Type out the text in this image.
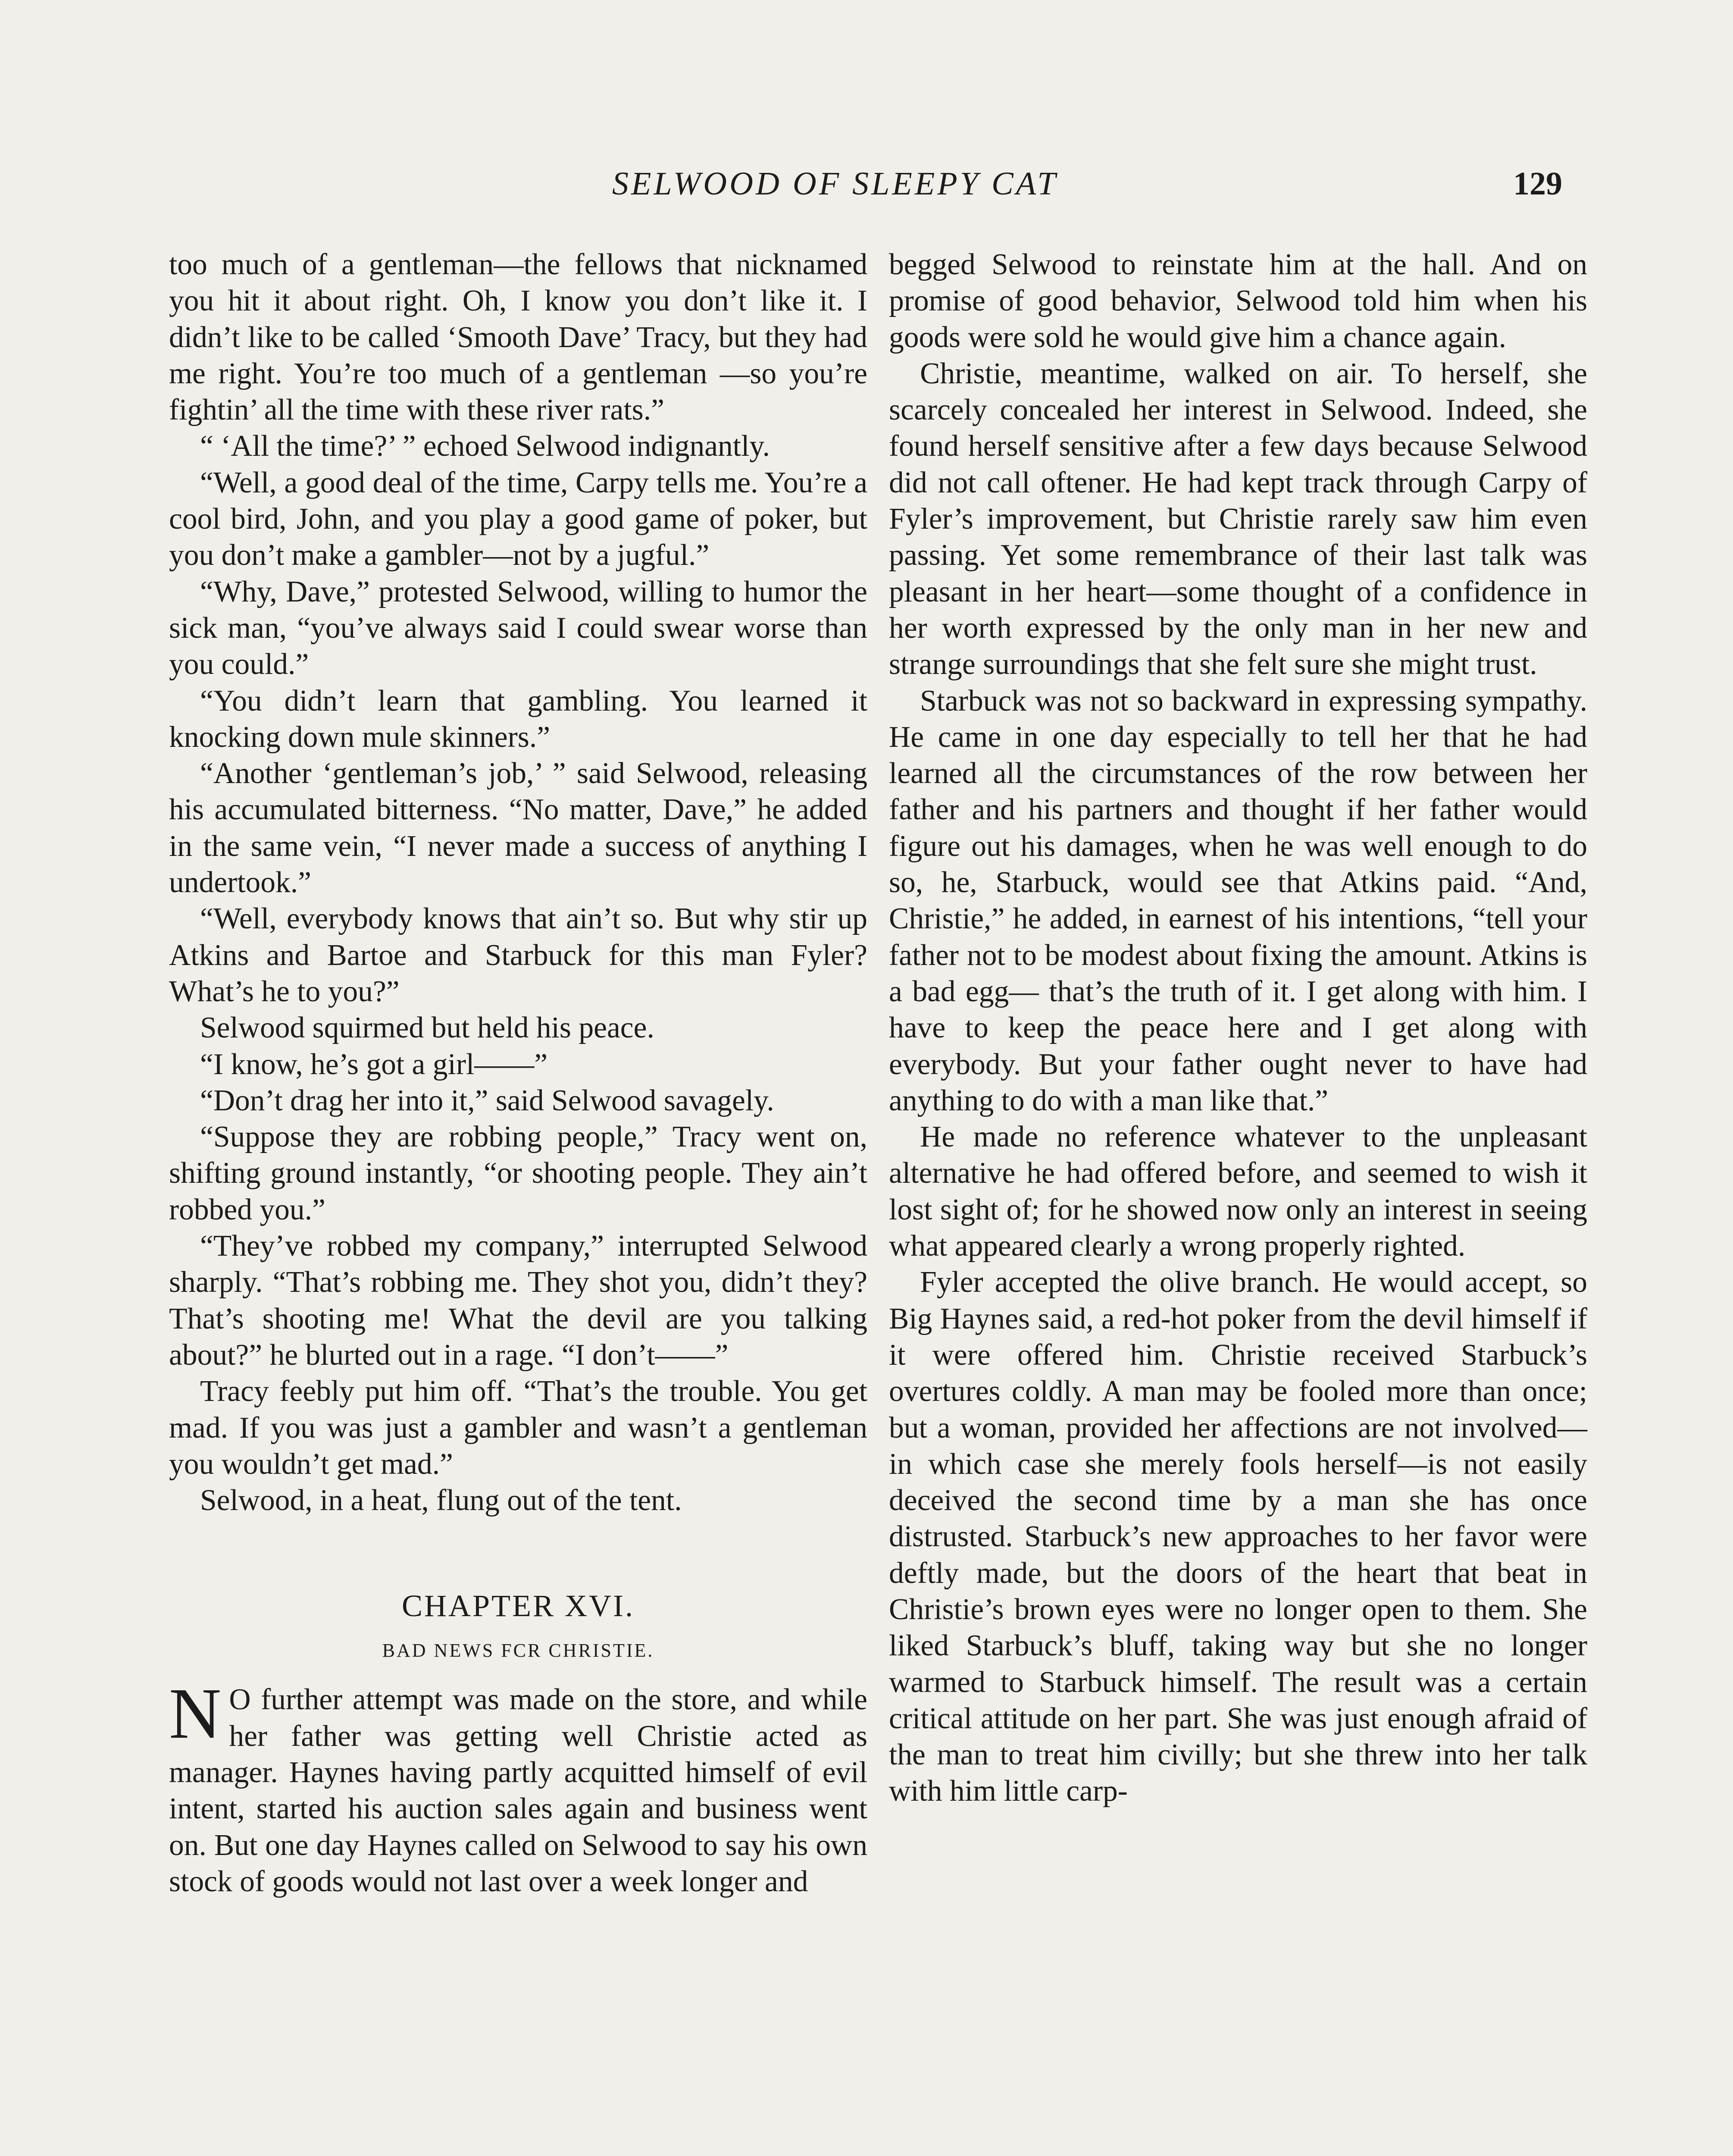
SELWOOD OF SLEEPY CAT	129

too much of a gentleman—the fellows that nicknamed you hit it about right. Oh, I know you don’t like it. I didn’t like to be called ‘Smooth Dave’ Tracy, but they had me right. You’re too much of a gentleman —so you’re fightin’ all the time with these river rats.”

“ ‘All the time?’ ” echoed Selwood indignantly.

“Well, a good deal of the time, Carpy tells me. You’re a cool bird, John, and you play a good game of poker, but you don’t make a gambler—not by a jugful.”

“Why, Dave,” protested Selwood, willing to humor the sick man, “you’ve always said I could swear worse than you could.”

“You didn’t learn that gambling. You learned it knocking down mule skinners.”

“Another ‘gentleman’s job,’ ” said Selwood, releasing his accumulated bitterness. “No matter, Dave,” he added in the same vein, “I never made a success of anything I undertook.”

“Well, everybody knows that ain’t so. But why stir up Atkins and Bartoe and Starbuck for this man Fyler? What’s he to you?”

Selwood squirmed but held his peace.

“I know, he’s got a girl——”

“Don’t drag her into it,” said Selwood savagely.

“Suppose they are robbing people,” Tracy went on, shifting ground instantly, “or shooting people. They ain’t robbed you.”

“They’ve robbed my company,” interrupted Selwood sharply. “That’s robbing me. They shot you, didn’t they? That’s shooting me! What the devil are you talking about?” he blurted out in a rage. “I don’t——”

Tracy feebly put him off. “That’s the trouble. You get mad. If you was just a gambler and wasn’t a gentleman you wouldn’t get mad.”

Selwood, in a heat, flung out of the tent.

CHAPTER XVI.
BAD NEWS FCR CHRISTIE.

N O further attempt was made on the store, and while her father was getting well Christie acted as manager. Haynes having partly acquitted himself of evil intent, started his auction sales again and business went on. But one day Haynes called on Selwood to say his own stock of goods would not last over a week longer and

begged Selwood to reinstate him at the hall. And on promise of good behavior, Selwood told him when his goods were sold he would give him a chance again.

Christie, meantime, walked on air. To herself, she scarcely concealed her interest in Selwood. Indeed, she found herself sensitive after a few days because Selwood did not call oftener. He had kept track through Carpy of Fyler’s improvement, but Christie rarely saw him even passing. Yet some remembrance of their last talk was pleasant in her heart—some thought of a confidence in her worth expressed by the only man in her new and strange surroundings that she felt sure she might trust.

Starbuck was not so backward in expressing sympathy. He came in one day especially to tell her that he had learned all the circumstances of the row between her father and his partners and thought if her father would figure out his damages, when he was well enough to do so, he, Starbuck, would see that Atkins paid. “And, Christie,” he added, in earnest of his intentions, “tell your father not to be modest about fixing the amount. Atkins is a bad egg— that’s the truth of it. I get along with him. I have to keep the peace here and I get along with everybody. But your father ought never to have had anything to do with a man like that.”

He made no reference whatever to the unpleasant alternative he had offered before, and seemed to wish it lost sight of; for he showed now only an interest in seeing what appeared clearly a wrong properly righted.

Fyler accepted the olive branch. He would accept, so Big Haynes said, a red-hot poker from the devil himself if it were offered him. Christie received Starbuck’s overtures coldly. A man may be fooled more than once; but a woman, provided her affections are not involved—in which case she merely fools herself—is not easily deceived the second time by a man she has once distrusted. Starbuck’s new approaches to her favor were deftly made, but the doors of the heart that beat in Christie’s brown eyes were no longer open to them. She liked Starbuck’s bluff, taking way but she no longer warmed to Starbuck himself. The result was a certain critical attitude on her part. She was just enough afraid of the man to treat him civilly; but she threw into her talk with him little carp-
